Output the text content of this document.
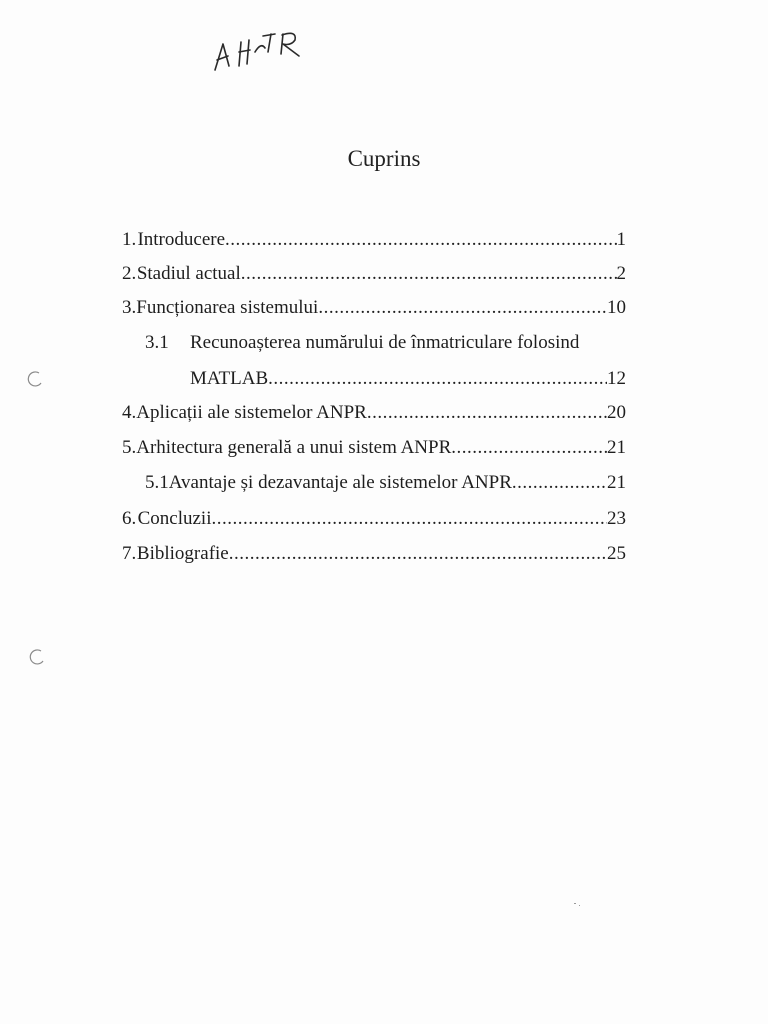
Cuprins
1. Introducere .....	1
2. Stadiul actual .....	2
3. Funcționarea sistemului .....	10
3.1 Recunoașterea numărului de înmatriculare folosind
MATLAB .....	12
4. Aplicații ale sistemelor ANPR .....	20
5. Arhitectura generală a unui sistem ANPR .....	21
5.1 Avantaje și dezavantaje ale sistemelor ANPR .....	21
6. Concluzii .....	23
7. Bibliografie .....	25
